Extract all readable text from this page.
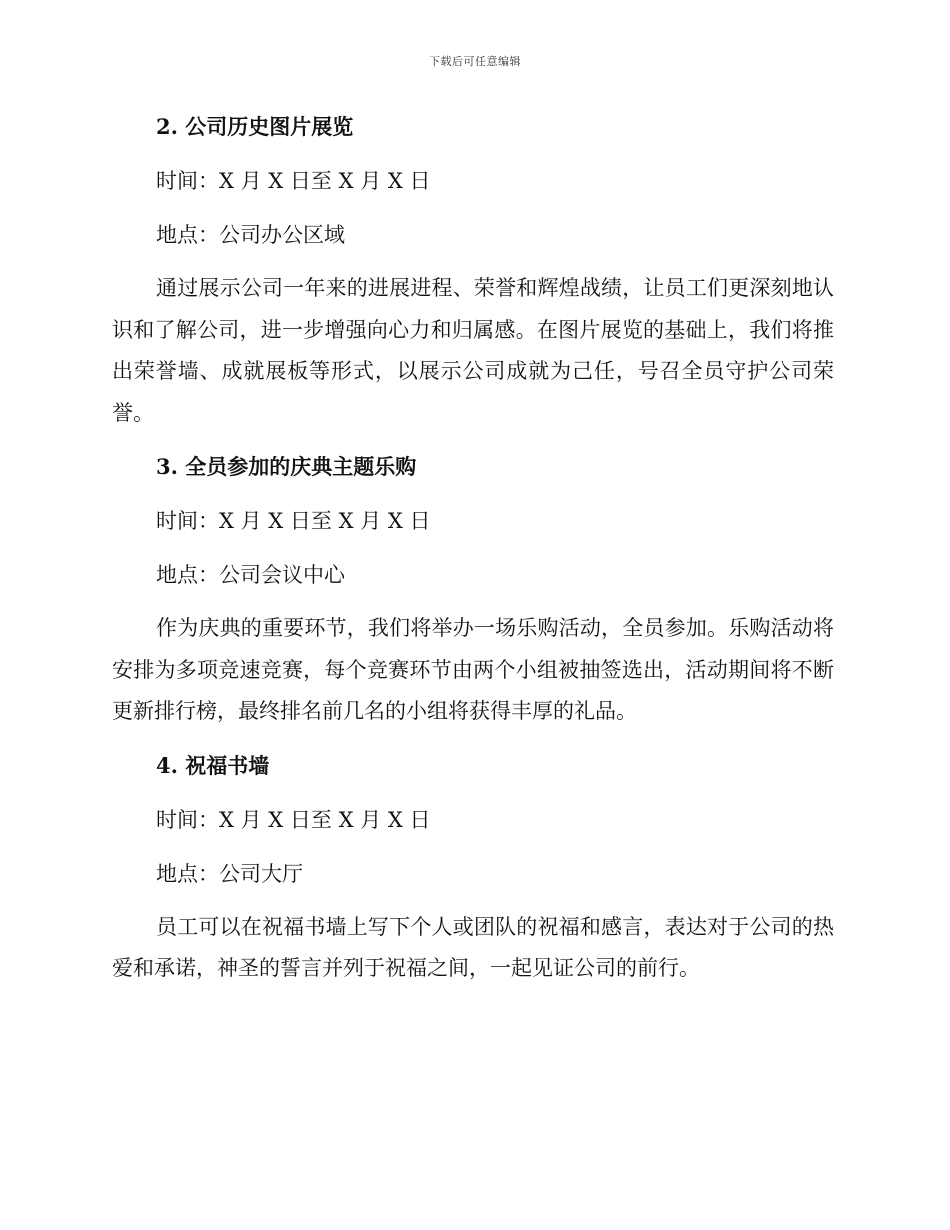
下载后可任意编辑
2. 公司历史图片展览

时间：X 月 X 日至 X 月 X 日

地点：公司办公区域

通过展示公司一年来的进展进程、荣誉和辉煌战绩，让员工们更深刻地认识和了解公司，进一步增强向心力和归属感。在图片展览的基础上，我们将推出荣誉墙、成就展板等形式，以展示公司成就为己任，号召全员守护公司荣誉。

3. 全员参加的庆典主题乐购

时间：X 月 X 日至 X 月 X 日

地点：公司会议中心

作为庆典的重要环节，我们将举办一场乐购活动，全员参加。乐购活动将安排为多项竞速竞赛，每个竞赛环节由两个小组被抽签选出，活动期间将不断更新排行榜，最终排名前几名的小组将获得丰厚的礼品。

4. 祝福书墙

时间：X 月 X 日至 X 月 X 日

地点：公司大厅

员工可以在祝福书墙上写下个人或团队的祝福和感言，表达对于公司的热爱和承诺，神圣的誓言并列于祝福之间，一起见证公司的前行。
